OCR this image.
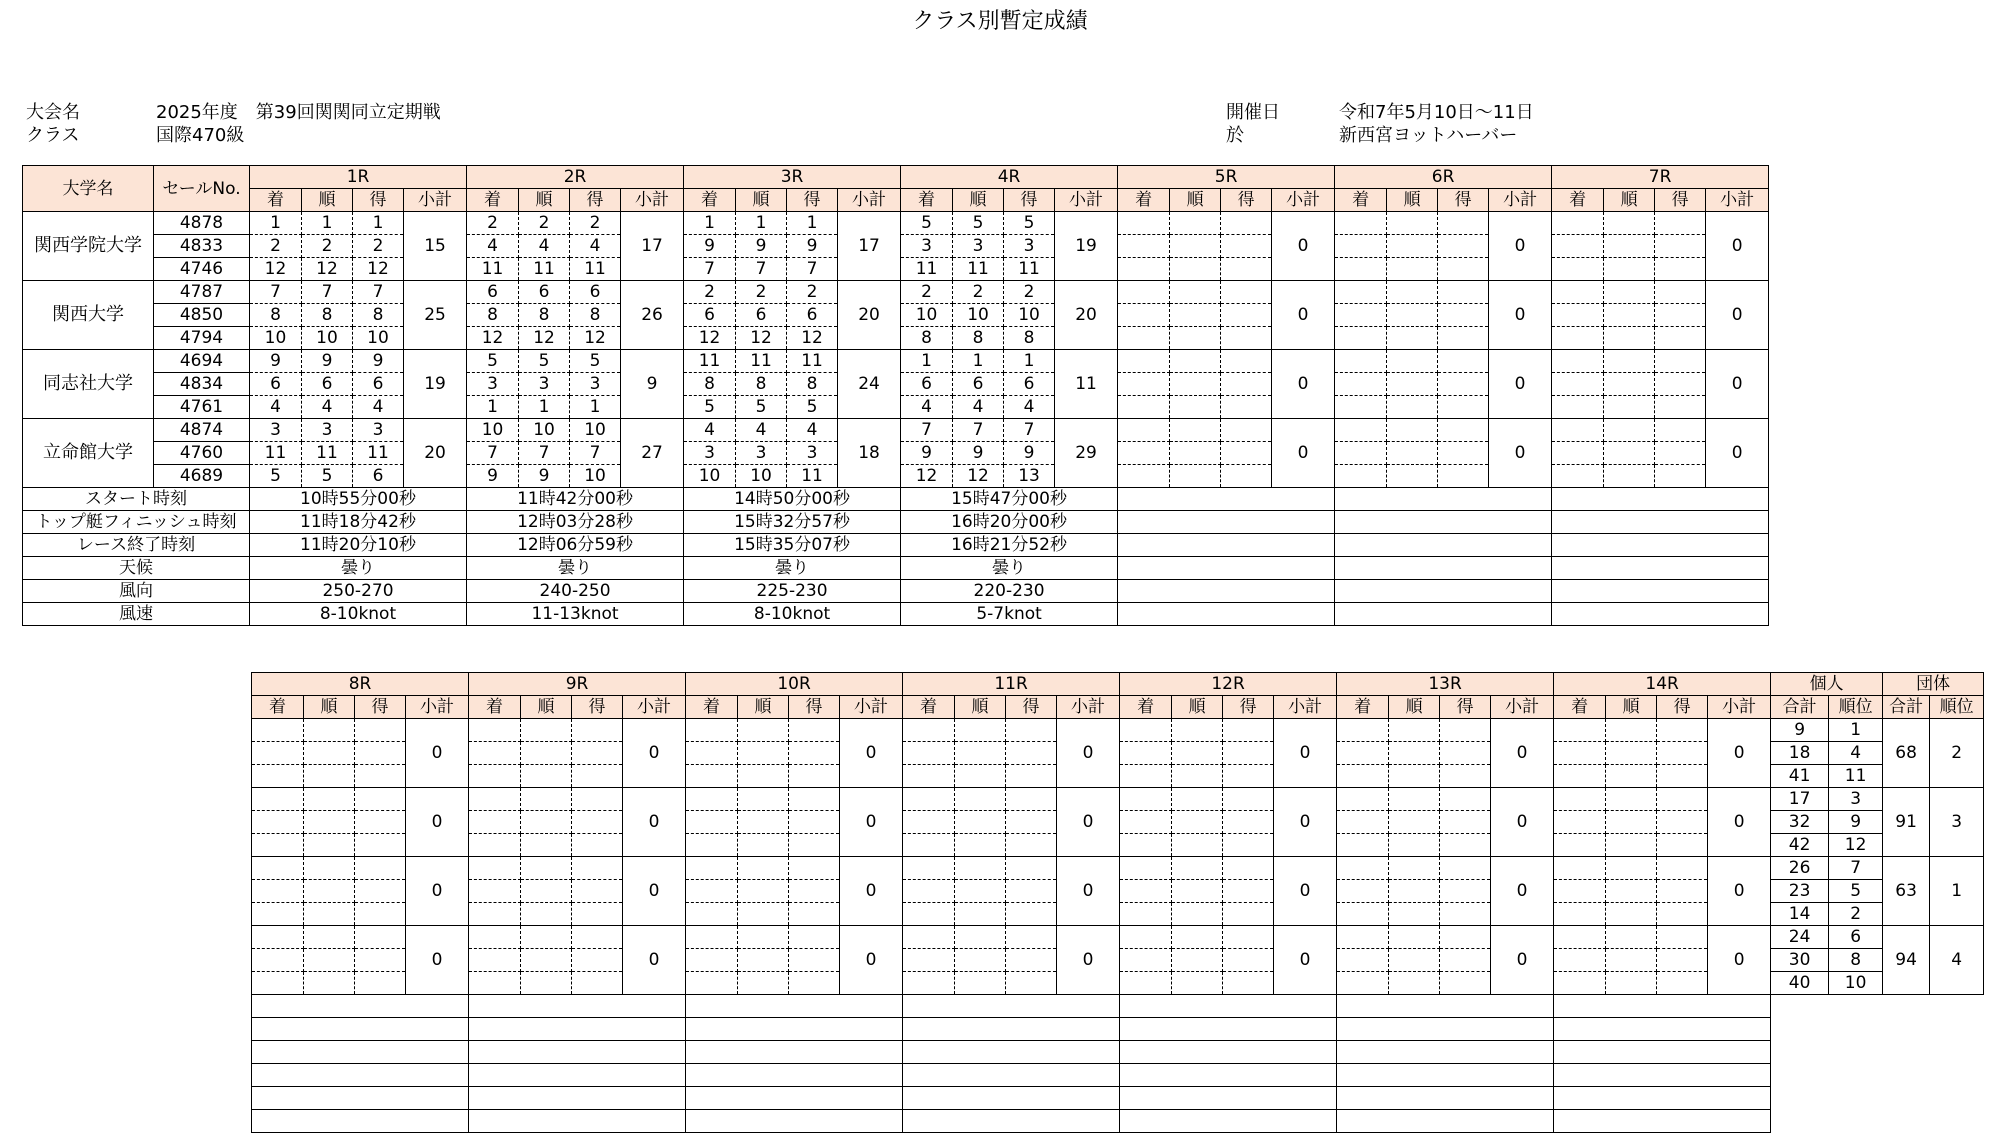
クラス別暫定成績
大会名	2025年度　第39回関関同立定期戦
クラス	国際470級
開催日	令和7年5月10日～11日
於	新西宮ヨットハーバー
大学名	セールNo.	1R				2R				3R				4R				5R				6R				7R			
		着	順	得	小計	着	順	得	小計	着	順	得	小計	着	順	得	小計	着	順	得	小計	着	順	得	小計	着	順	得	小計
関西学院大学	4878	1	1	1	15	2	2	2	17	1	1	1	17	5	5	5	19				0				0				0
	4833	2	2	2		4	4	4		9	9	9		3	3	3													
	4746	12	12	12		11	11	11		7	7	7		11	11	11													
関西大学	4787	7	7	7	25	6	6	6	26	2	2	2	20	2	2	2	20				0				0				0
	4850	8	8	8		8	8	8		6	6	6		10	10	10													
	4794	10	10	10		12	12	12		12	12	12		8	8	8													
同志社大学	4694	9	9	9	19	5	5	5	9	11	11	11	24	1	1	1	11				0				0				0
	4834	6	6	6		3	3	3		8	8	8		6	6	6													
	4761	4	4	4		1	1	1		5	5	5		4	4	4													
立命館大学	4874	3	3	3	20	10	10	10	27	4	4	4	18	7	7	7	29				0				0				0
	4760	11	11	11		7	7	7		3	3	3		9	9	9													
	4689	5	5	6		9	9	10		10	10	11		12	12	13													
スタート時刻		10時55分00秒				11時42分00秒				14時50分00秒				15時47分00秒															
トップ艇フィニッシュ時刻		11時18分42秒				12時03分28秒				15時32分57秒				16時20分00秒															
レース終了時刻		11時20分10秒				12時06分59秒				15時35分07秒				16時21分52秒															
天候		曇り				曇り				曇り				曇り															
風向		250-270				240-250				225-230				220-230															
風速		8-10knot				11-13knot				8-10knot				5-7knot															
8R				9R				10R				11R				12R				13R				14R				個人		団体	
着	順	得	小計	着	順	得	小計	着	順	得	小計	着	順	得	小計	着	順	得	小計	着	順	得	小計	着	順	得	小計	合計	順位	合計	順位
			0				0				0				0				0				0				0	9	1	68	2
																												18	4		
																												41	11		
			0				0				0				0				0				0				0	17	3	91	3
																												32	9		
																												42	12		
			0				0				0				0				0				0				0	26	7	63	1
																												23	5		
																												14	2		
			0				0				0				0				0				0				0	24	6	94	4
																												30	8		
																												40	10		
